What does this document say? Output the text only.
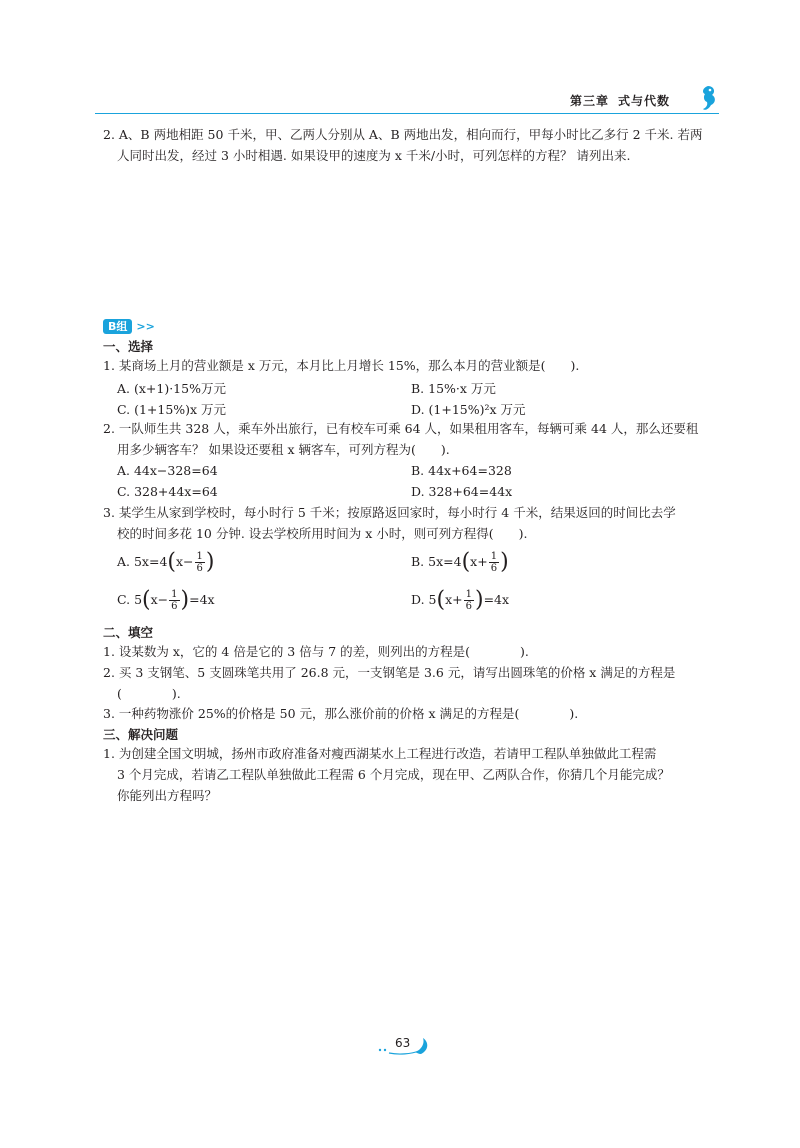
第三章 式与代数
2. A、B 两地相距 50 千米，甲、乙两人分别从 A、B 两地出发，相向而行，甲每小时比乙多行 2 千米. 若两
人同时出发，经过 3 小时相遇. 如果设甲的速度为 x 千米/小时，可列怎样的方程？ 请列出来.
B组 >>
一、选择
1. 某商场上月的营业额是 x 万元，本月比上月增长 15%，那么本月的营业额是(　　).
A. (x+1)·15%万元	B. 15%·x 万元
C. (1+15%)x 万元	D. (1+15%)²x 万元
2. 一队师生共 328 人，乘车外出旅行，已有校车可乘 64 人，如果租用客车，每辆可乘 44 人，那么还要租
用多少辆客车？ 如果设还要租 x 辆客车，可列方程为(　　).
A. 44x−328=64	B. 44x+64=328
C. 328+44x=64	D. 328+64=44x
3. 某学生从家到学校时，每小时行 5 千米；按原路返回家时，每小时行 4 千米，结果返回的时间比去学
校的时间多花 10 分钟. 设去学校所用时间为 x 小时，则可列方程得(　　).
A. $5x=4(x- \frac{1}{6}$ )	B. $5x=4(x+ \frac{1}{6}$ )
C. $5(x- \frac{1}{6} )=4x$	D. $5(x+ \frac{1}{6} )=4x$
二、填空
1. 设某数为 x，它的 4 倍是它的 3 倍与 7 的差，则列出的方程是(　　　　).
2. 买 3 支钢笔、5 支圆珠笔共用了 26.8 元，一支钢笔是 3.6 元，请写出圆珠笔的价格 x 满足的方程是
(　　　　).
3. 一种药物涨价 25%的价格是 50 元，那么涨价前的价格 x 满足的方程是(　　　　).
三、解决问题
1. 为创建全国文明城，扬州市政府准备对瘦西湖某水上工程进行改造，若请甲工程队单独做此工程需
3 个月完成，若请乙工程队单独做此工程需 6 个月完成，现在甲、乙两队合作，你猜几个月能完成？
你能列出方程吗？
63
